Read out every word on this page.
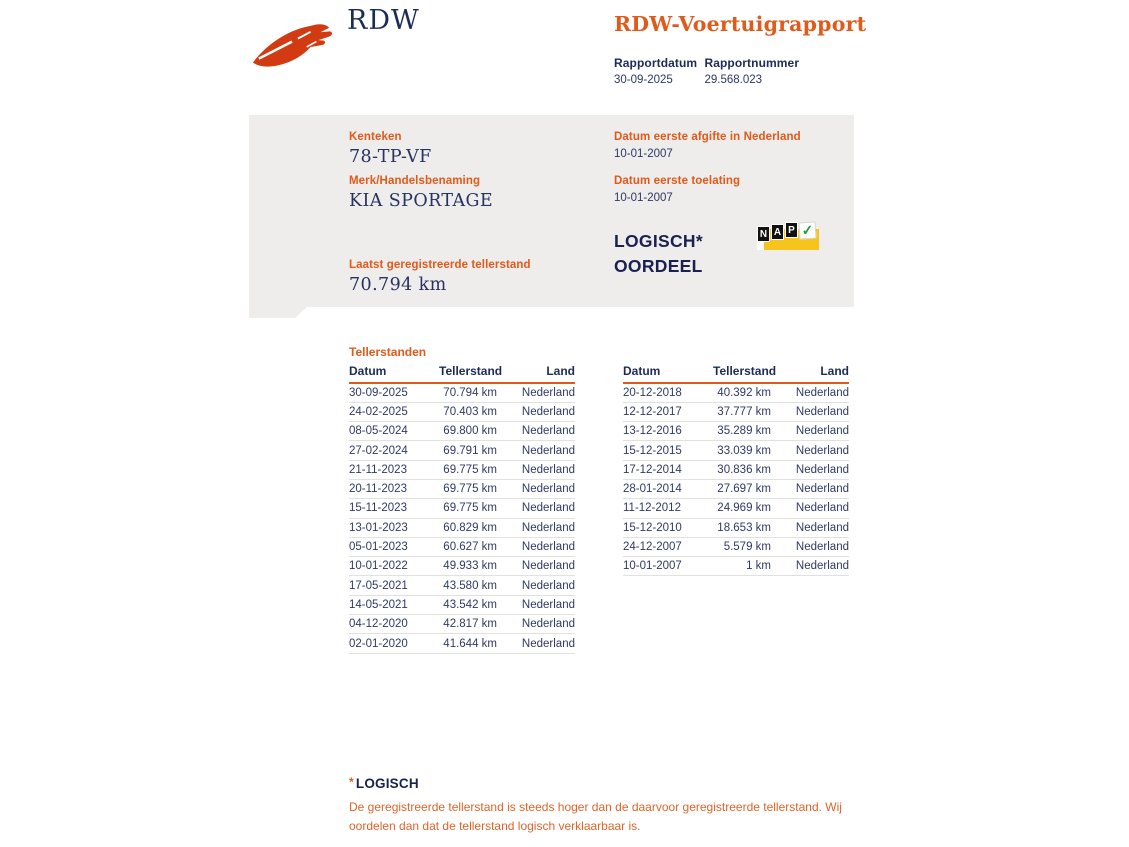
RDW	RDW-Voertuigrapport
Rapportdatum
30-09-2025

Rapportnummer
29.568.023
Kenteken
78-TP-VF
Merk/Handelsbenaming
KIA SPORTAGE
Laatst geregistreerde tellerstand
70.794 km
Datum eerste afgifte in Nederland
10-01-2007
Datum eerste toelating
10-01-2007
LOGISCH*
OORDEEL
N A P ✓
Tellerstanden
Datum	Tellerstand	Land
30-09-2025	70.794 km	Nederland
24-02-2025	70.403 km	Nederland
08-05-2024	69.800 km	Nederland
27-02-2024	69.791 km	Nederland
21-11-2023	69.775 km	Nederland
20-11-2023	69.775 km	Nederland
15-11-2023	69.775 km	Nederland
13-01-2023	60.829 km	Nederland
05-01-2023	60.627 km	Nederland
10-01-2022	49.933 km	Nederland
17-05-2021	43.580 km	Nederland
14-05-2021	43.542 km	Nederland
04-12-2020	42.817 km	Nederland
02-01-2020	41.644 km	Nederland
Datum	Tellerstand	Land
20-12-2018	40.392 km	Nederland
12-12-2017	37.777 km	Nederland
13-12-2016	35.289 km	Nederland
15-12-2015	33.039 km	Nederland
17-12-2014	30.836 km	Nederland
28-01-2014	27.697 km	Nederland
11-12-2012	24.969 km	Nederland
15-12-2010	18.653 km	Nederland
24-12-2007	5.579 km	Nederland
10-01-2007	1 km	Nederland
* LOGISCH
De geregistreerde tellerstand is steeds hoger dan de daarvoor geregistreerde tellerstand. Wij oordelen dan dat de tellerstand logisch verklaarbaar is.
